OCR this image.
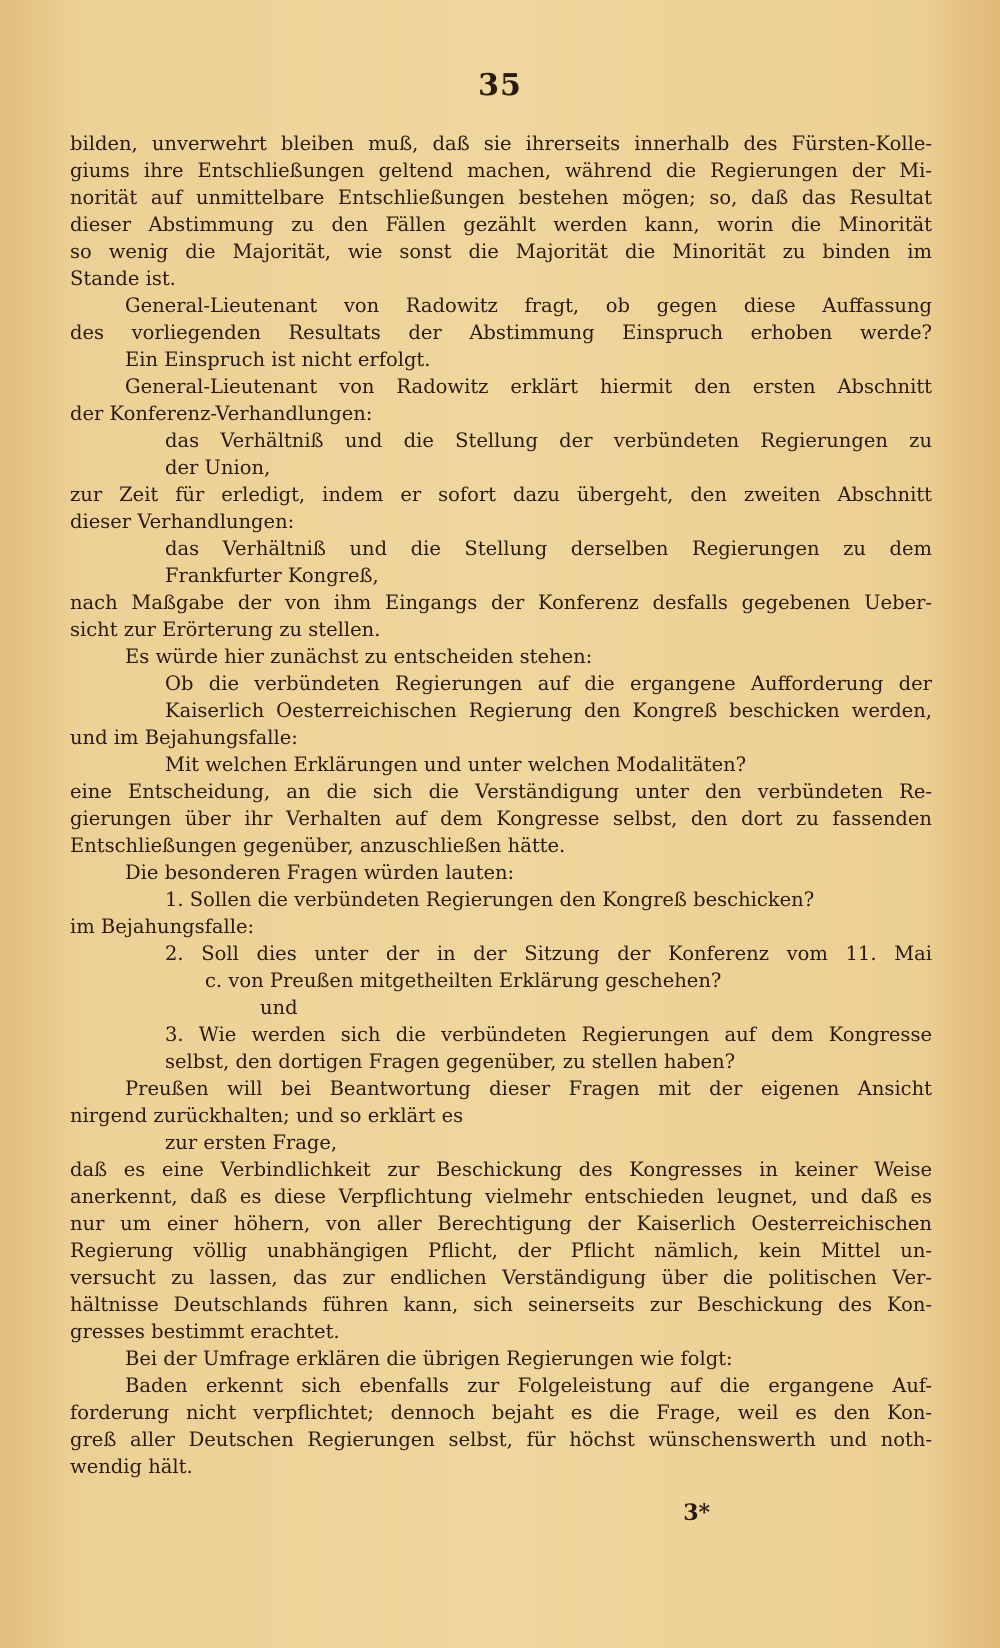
35
bilden, unverwehrt bleiben muß, daß sie ihrerseits innerhalb des Fürsten-Kolle-
giums ihre Entschließungen geltend machen, während die Regierungen der Mi-
norität auf unmittelbare Entschließungen bestehen mögen; so, daß das Resultat
dieser Abstimmung zu den Fällen gezählt werden kann, worin die Minorität
so wenig die Majorität, wie sonst die Majorität die Minorität zu binden im
Stande ist.
General-Lieutenant von Radowitz fragt, ob gegen diese Auffassung
des vorliegenden Resultats der Abstimmung Einspruch erhoben werde?
Ein Einspruch ist nicht erfolgt.
General-Lieutenant von Radowitz erklärt hiermit den ersten Abschnitt
der Konferenz-Verhandlungen:
das Verhältniß und die Stellung der verbündeten Regierungen zu
der Union,
zur Zeit für erledigt, indem er sofort dazu übergeht, den zweiten Abschnitt
dieser Verhandlungen:
das Verhältniß und die Stellung derselben Regierungen zu dem
Frankfurter Kongreß,
nach Maßgabe der von ihm Eingangs der Konferenz desfalls gegebenen Ueber-
sicht zur Erörterung zu stellen.
Es würde hier zunächst zu entscheiden stehen:
Ob die verbündeten Regierungen auf die ergangene Aufforderung der
Kaiserlich Oesterreichischen Regierung den Kongreß beschicken werden,
und im Bejahungsfalle:
Mit welchen Erklärungen und unter welchen Modalitäten?
eine Entscheidung, an die sich die Verständigung unter den verbündeten Re-
gierungen über ihr Verhalten auf dem Kongresse selbst, den dort zu fassenden
Entschließungen gegenüber, anzuschließen hätte.
Die besonderen Fragen würden lauten:
1. Sollen die verbündeten Regierungen den Kongreß beschicken?
im Bejahungsfalle:
2. Soll dies unter der in der Sitzung der Konferenz vom 11. Mai
c. von Preußen mitgetheilten Erklärung geschehen?
und
3. Wie werden sich die verbündeten Regierungen auf dem Kongresse
selbst, den dortigen Fragen gegenüber, zu stellen haben?
Preußen will bei Beantwortung dieser Fragen mit der eigenen Ansicht
nirgend zurückhalten; und so erklärt es
zur ersten Frage,
daß es eine Verbindlichkeit zur Beschickung des Kongresses in keiner Weise
anerkennt, daß es diese Verpflichtung vielmehr entschieden leugnet, und daß es
nur um einer höhern, von aller Berechtigung der Kaiserlich Oesterreichischen
Regierung völlig unabhängigen Pflicht, der Pflicht nämlich, kein Mittel un-
versucht zu lassen, das zur endlichen Verständigung über die politischen Ver-
hältnisse Deutschlands führen kann, sich seinerseits zur Beschickung des Kon-
gresses bestimmt erachtet.
Bei der Umfrage erklären die übrigen Regierungen wie folgt:
Baden erkennt sich ebenfalls zur Folgeleistung auf die ergangene Auf-
forderung nicht verpflichtet; dennoch bejaht es die Frage, weil es den Kon-
greß aller Deutschen Regierungen selbst, für höchst wünschenswerth und noth-
wendig hält.
3*
